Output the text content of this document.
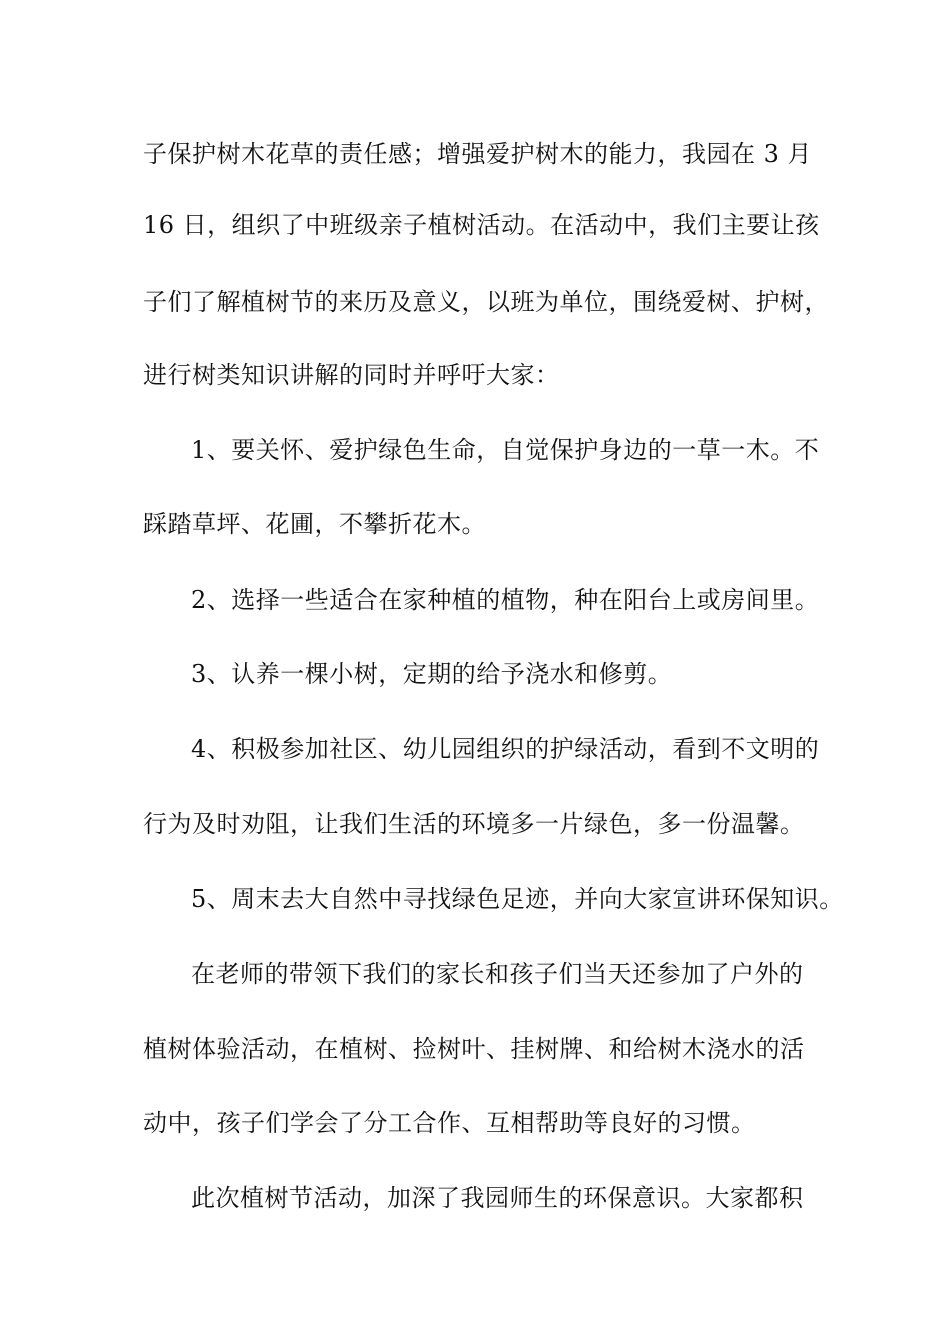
子保护树木花草的责任感；增强爱护树木的能力，我园在 3 月
16 日，组织了中班级亲子植树活动。在活动中，我们主要让孩
子们了解植树节的来历及意义，以班为单位，围绕爱树、护树，
进行树类知识讲解的同时并呼吁大家：
1、要关怀、爱护绿色生命，自觉保护身边的一草一木。不
踩踏草坪、花圃，不攀折花木。
2、选择一些适合在家种植的植物，种在阳台上或房间里。
3、认养一棵小树，定期的给予浇水和修剪。
4、积极参加社区、幼儿园组织的护绿活动，看到不文明的
行为及时劝阻，让我们生活的环境多一片绿色，多一份温馨。
5、周末去大自然中寻找绿色足迹，并向大家宣讲环保知识。
在老师的带领下我们的家长和孩子们当天还参加了户外的
植树体验活动，在植树、捡树叶、挂树牌、和给树木浇水的活
动中，孩子们学会了分工合作、互相帮助等良好的习惯。
此次植树节活动，加深了我园师生的环保意识。大家都积
